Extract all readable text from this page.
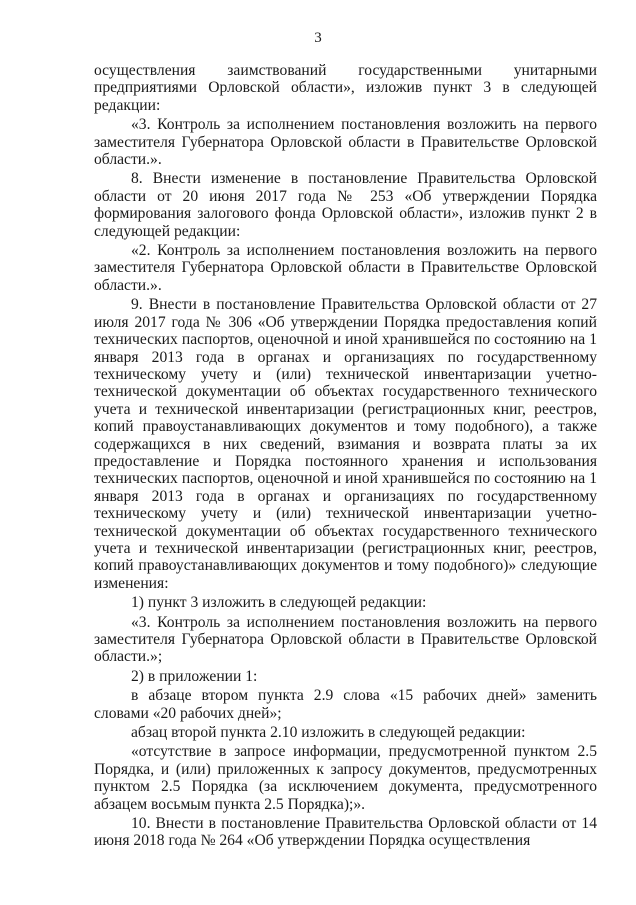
3

осуществления заимствований государственными унитарными предприятиями Орловской области», изложив пункт 3 в следующей редакции:

«3. Контроль за исполнением постановления возложить на первого заместителя Губернатора Орловской области в Правительстве Орловской области.».

8. Внести изменение в постановление Правительства Орловской области от 20 июня 2017 года № 253 «Об утверждении Порядка формирования залогового фонда Орловской области», изложив пункт 2 в следующей редакции:

«2. Контроль за исполнением постановления возложить на первого заместителя Губернатора Орловской области в Правительстве Орловской области.».

9. Внести в постановление Правительства Орловской области от 27 июля 2017 года № 306 «Об утверждении Порядка предоставления копий технических паспортов, оценочной и иной хранившейся по состоянию на 1 января 2013 года в органах и организациях по государственному техническому учету и (или) технической инвентаризации учетно-технической документации об объектах государственного технического учета и технической инвентаризации (регистрационных книг, реестров, копий правоустанавливающих документов и тому подобного), а также содержащихся в них сведений, взимания и возврата платы за их предоставление и Порядка постоянного хранения и использования технических паспортов, оценочной и иной хранившейся по состоянию на 1 января 2013 года в органах и организациях по государственному техническому учету и (или) технической инвентаризации учетно-технической документации об объектах государственного технического учета и технической инвентаризации (регистрационных книг, реестров, копий правоустанавливающих документов и тому подобного)» следующие изменения:

1) пункт 3 изложить в следующей редакции:

«3. Контроль за исполнением постановления возложить на первого заместителя Губернатора Орловской области в Правительстве Орловской области.»;

2) в приложении 1:

в абзаце втором пункта 2.9 слова «15 рабочих дней» заменить словами «20 рабочих дней»;

абзац второй пункта 2.10 изложить в следующей редакции:

«отсутствие в запросе информации, предусмотренной пунктом 2.5 Порядка, и (или) приложенных к запросу документов, предусмотренных пунктом 2.5 Порядка (за исключением документа, предусмотренного абзацем восьмым пункта 2.5 Порядка);».

10. Внести в постановление Правительства Орловской области от 14 июня 2018 года № 264 «Об утверждении Порядка осуществления
